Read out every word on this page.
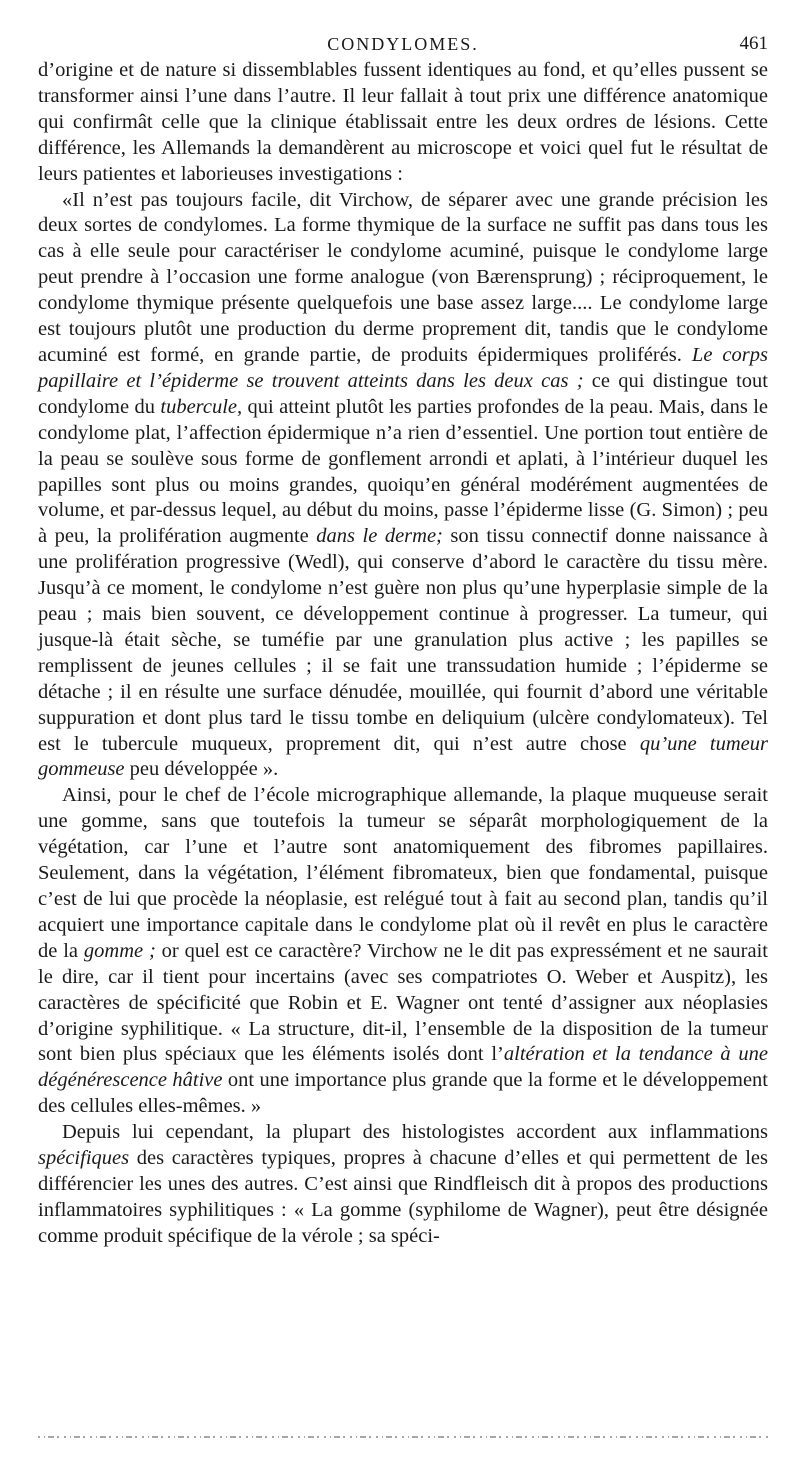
CONDYLOMES.	461

d’origine et de nature si dissemblables fussent identiques au fond, et qu’elles pussent se transformer ainsi l’une dans l’autre. Il leur fallait à tout prix une différence anatomique qui confirmât celle que la clinique établissait entre les deux ordres de lésions. Cette différence, les Allemands la demandèrent au microscope et voici quel fut le résultat de leurs patientes et laborieuses investigations :

«Il n’est pas toujours facile, dit Virchow, de séparer avec une grande précision les deux sortes de condylomes. La forme thymique de la surface ne suffit pas dans tous les cas à elle seule pour caractériser le condylome acuminé, puisque le condylome large peut prendre à l’occasion une forme analogue (von Bærensprung) ; réciproquement, le condylome thymique présente quelquefois une base assez large.... Le condylome large est toujours plutôt une production du derme proprement dit, tandis que le condylome acuminé est formé, en grande partie, de produits épidermiques proliférés. Le corps papillaire et l’épiderme se trouvent atteints dans les deux cas ; ce qui distingue tout condylome du tubercule, qui atteint plutôt les parties profondes de la peau. Mais, dans le condylome plat, l’affection épidermique n’a rien d’essentiel. Une portion tout entière de la peau se soulève sous forme de gonflement arrondi et aplati, à l’intérieur duquel les papilles sont plus ou moins grandes, quoiqu’en général modérément augmentées de volume, et par-dessus lequel, au début du moins, passe l’épiderme lisse (G. Simon) ; peu à peu, la prolifération augmente dans le derme; son tissu connectif donne naissance à une prolifération progressive (Wedl), qui conserve d’abord le caractère du tissu mère. Jusqu’à ce moment, le condylome n’est guère non plus qu’une hyperplasie simple de la peau ; mais bien souvent, ce développement continue à progresser. La tumeur, qui jusque-là était sèche, se tuméfie par une granulation plus active ; les papilles se remplissent de jeunes cellules ; il se fait une transsudation humide ; l’épiderme se détache ; il en résulte une surface dénudée, mouillée, qui fournit d’abord une véritable suppuration et dont plus tard le tissu tombe en deliquium (ulcère condylomateux). Tel est le tubercule muqueux, proprement dit, qui n’est autre chose qu’une tumeur gommeuse peu développée ».

Ainsi, pour le chef de l’école micrographique allemande, la plaque muqueuse serait une gomme, sans que toutefois la tumeur se séparât morphologiquement de la végétation, car l’une et l’autre sont anatomiquement des fibromes papillaires. Seulement, dans la végétation, l’élément fibromateux, bien que fondamental, puisque c’est de lui que procède la néoplasie, est relégué tout à fait au second plan, tandis qu’il acquiert une importance capitale dans le condylome plat où il revêt en plus le caractère de la gomme ; or quel est ce caractère? Virchow ne le dit pas expressément et ne saurait le dire, car il tient pour incertains (avec ses compatriotes O. Weber et Auspitz), les caractères de spécificité que Robin et E. Wagner ont tenté d’assigner aux néoplasies d’origine syphilitique. « La structure, dit-il, l’ensemble de la disposition de la tumeur sont bien plus spéciaux que les éléments isolés dont l’altération et la tendance à une dégénérescence hâtive ont une importance plus grande que la forme et le développement des cellules elles-mêmes. »

Depuis lui cependant, la plupart des histologistes accordent aux inflammations spécifiques des caractères typiques, propres à chacune d’elles et qui permettent de les différencier les unes des autres. C’est ainsi que Rindfleisch dit à propos des productions inflammatoires syphilitiques : « La gomme (syphilome de Wagner), peut être désignée comme produit spécifique de la vérole ; sa spéci-
